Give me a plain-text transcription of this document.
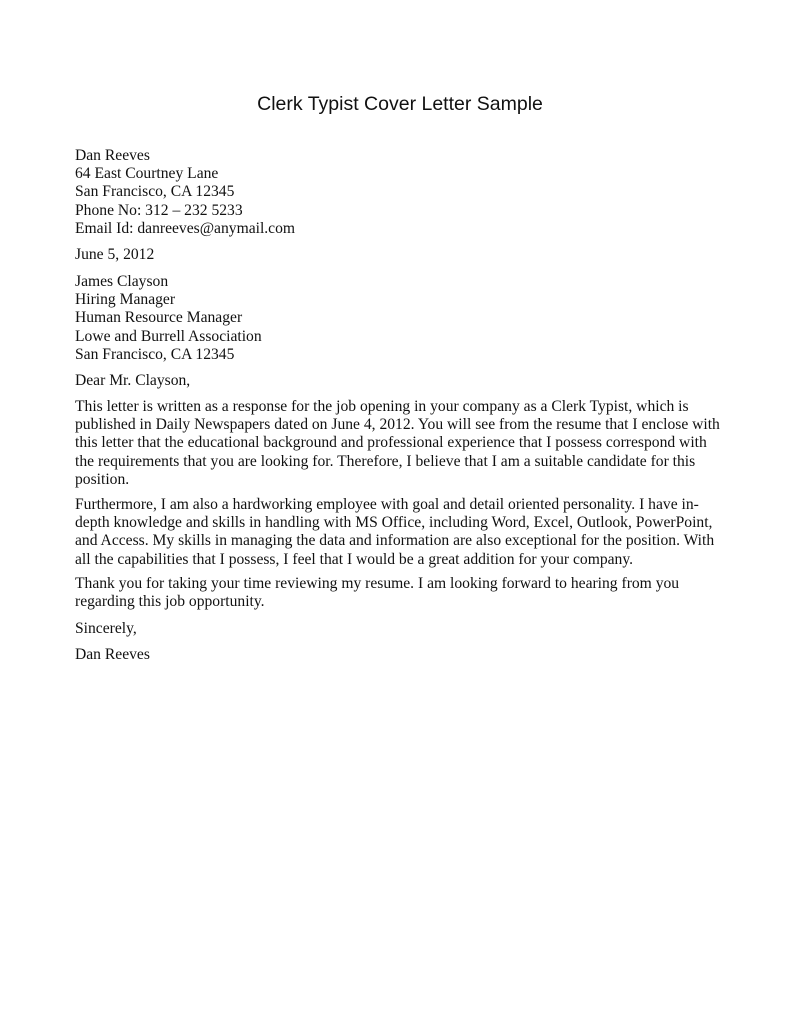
Clerk Typist Cover Letter Sample
Dan Reeves
64 East Courtney Lane
San Francisco, CA 12345
Phone No: 312 – 232 5233
Email Id: danreeves@anymail.com
June 5, 2012
James Clayson
Hiring Manager
Human Resource Manager
Lowe and Burrell Association
San Francisco, CA 12345
Dear Mr. Clayson,
This letter is written as a response for the job opening in your company as a Clerk Typist, which is
published in Daily Newspapers dated on June 4, 2012. You will see from the resume that I enclose with
this letter that the educational background and professional experience that I possess correspond with
the requirements that you are looking for. Therefore, I believe that I am a suitable candidate for this
position.
Furthermore, I am also a hardworking employee with goal and detail oriented personality. I have in-
depth knowledge and skills in handling with MS Office, including Word, Excel, Outlook, PowerPoint,
and Access. My skills in managing the data and information are also exceptional for the position. With
all the capabilities that I possess, I feel that I would be a great addition for your company.
Thank you for taking your time reviewing my resume. I am looking forward to hearing from you
regarding this job opportunity.
Sincerely,
Dan Reeves
